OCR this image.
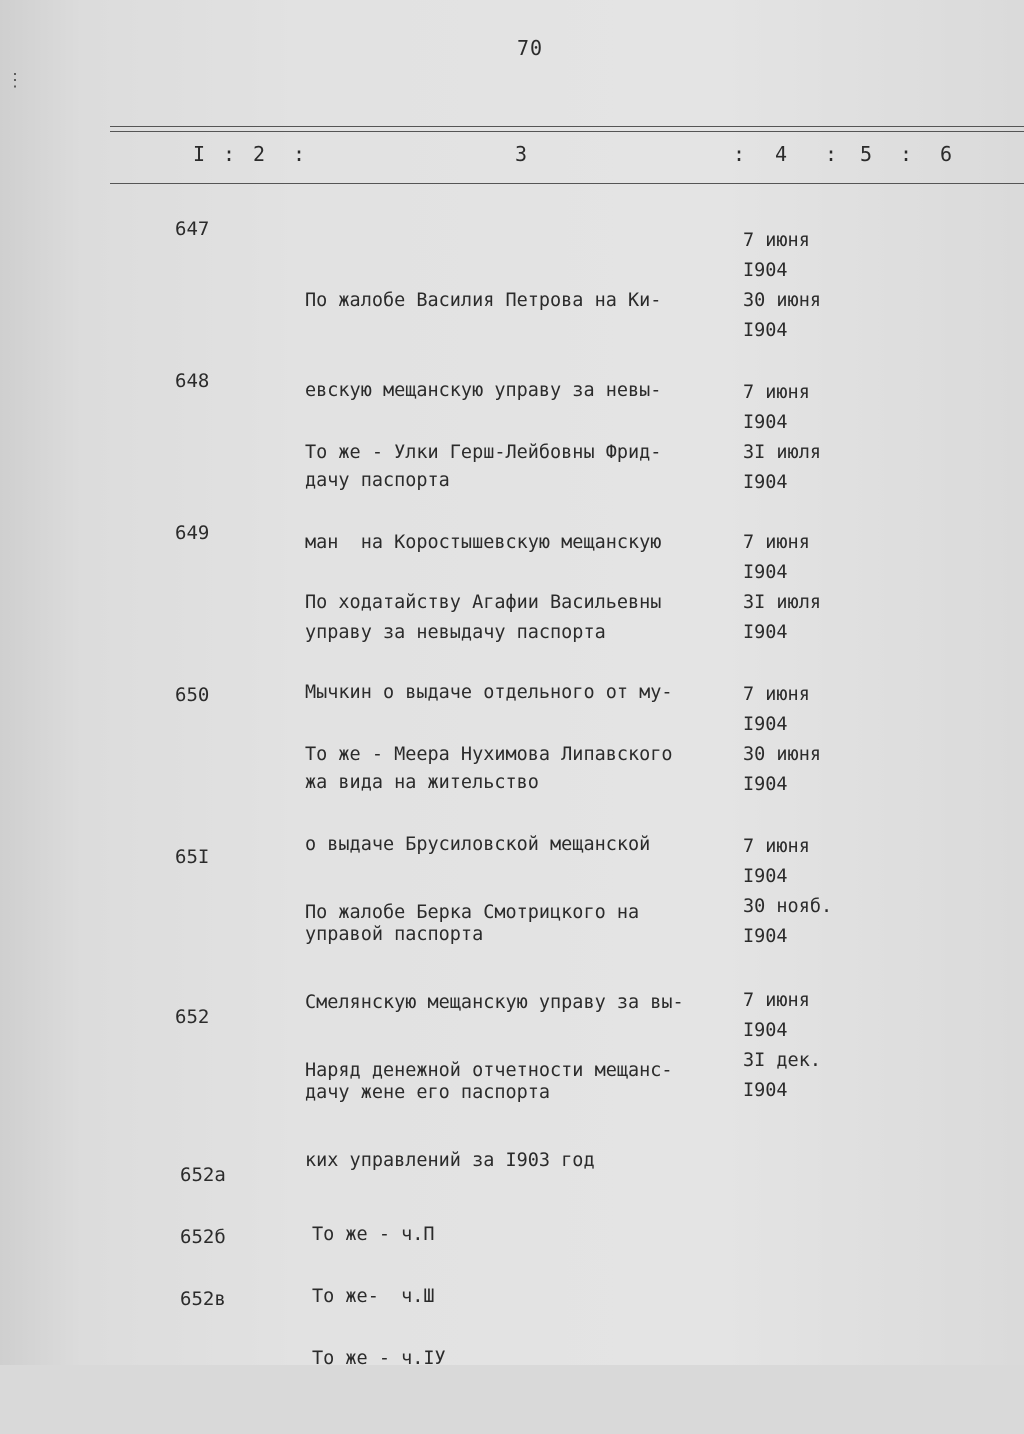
⋮
70
I : 2 :	3	: 4 : 5 : 6
647

По жалобе Василия Петрова на Ки-

евскую мещанскую управу за невы-

дачу паспорта

7 июня
I904
30 июня
I904
648

То же - Улки Герш-Лейбовны Фрид-

ман  на Коростышевскую мещанскую

управу за невыдачу паспорта

7 июня
I904
3I июля
I904
649

По ходатайству Агафии Васильевны

Мычкин о выдаче отдельного от му-

жа вида на жительство

7 июня
I904
3I июля
I904
650

То же - Меера Нухимова Липавского

о выдаче Брусиловской мещанской

управой паспорта

7 июня
I904
30 июня
I904
65I

По жалобе Берка Смотрицкого на

Смелянскую мещанскую управу за вы-

дачу жене его паспорта

7 июня
I904
30 нояб.
I904
652

Наряд денежной отчетности мещанс-

ких управлений за I903 год

7 июня
I904
3I дек.
I904
652а

То же - ч.П

652б

То же-  ч.Ш

652в

То же - ч.IУ
